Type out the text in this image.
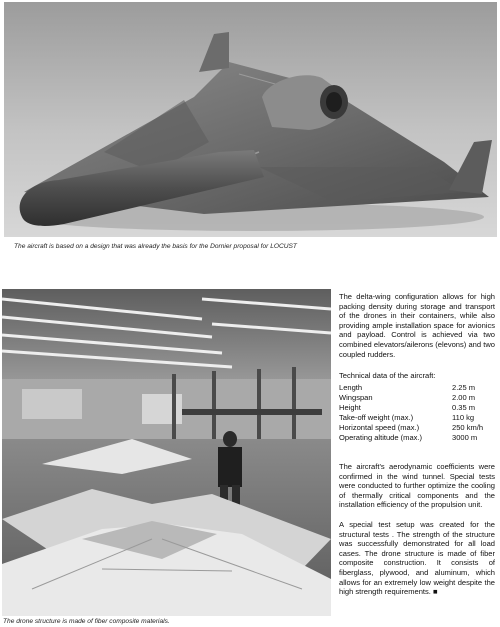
The aircraft is based on a design that was already the basis for the Dornier proposal for LOCUST
The drone structure is made of fiber composite materials.
The delta-wing configuration allows for high packing density during storage and transport of the drones in their containers, while also providing ample installation space for avionics and payload. Control is achieved via two combined elevators/ailerons (elevons) and two coupled rudders.
Technical data of the aircraft:
Length	2.25 m
Wingspan	2.00 m
Height	0.35 m
Take-off weight (max.)	110 kg
Horizontal speed (max.)	250 km/h
Operating altitude (max.)	3000 m
The aircraft's aerodynamic coefficients were confirmed in the wind tunnel. Special tests were conducted to further optimize the cooling of thermally critical components and the installation efficiency of the propulsion unit.
A special test setup was created for the structural tests . The strength of the structure was successfully demonstrated for all load cases. The drone structure is made of fiber composite construction. It consists of fiberglass, plywood, and aluminum, which allows for an extremely low weight despite the high strength requirements. ■
